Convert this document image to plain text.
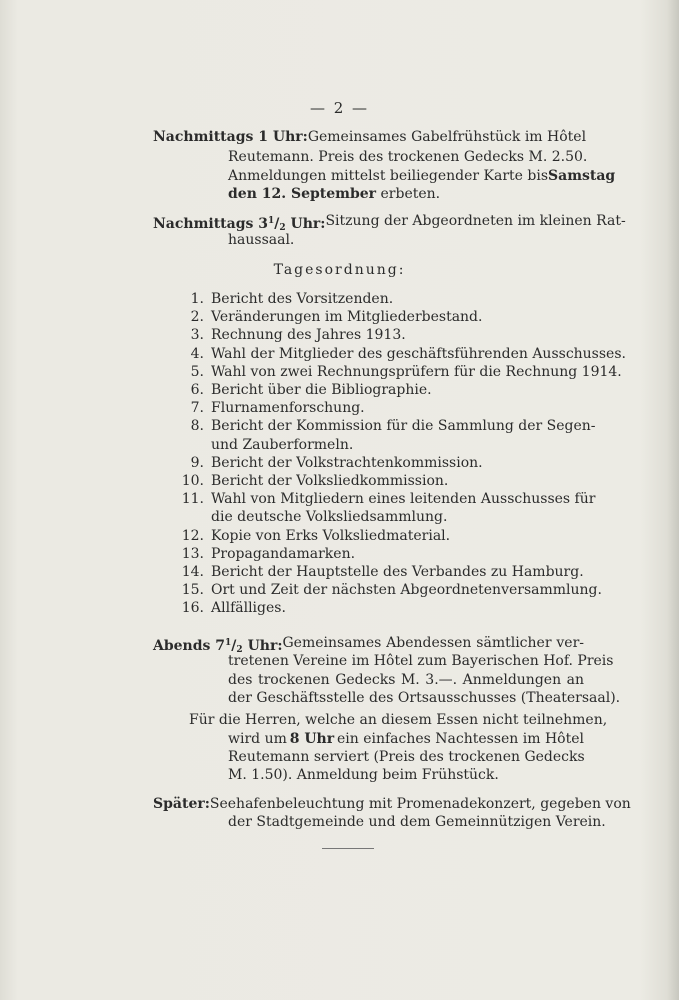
— 2 —
Nachmittags 1 Uhr: Gemeinsames Gabelfrühstück im Hôtel
Reutemann. Preis des trockenen Gedecks M. 2.50.
Anmeldungen mittelst beiliegender Karte bis Samstag
den 12. September erbeten.
Nachmittags $3^1/_2$ Uhr: Sitzung der Abgeordneten im kleinen Rat-
haussaal.
Tagesordnung:
1. Bericht des Vorsitzenden.
2. Veränderungen im Mitgliederbestand.
3. Rechnung des Jahres 1913.
4. Wahl der Mitglieder des geschäftsführenden Ausschusses.
5. Wahl von zwei Rechnungsprüfern für die Rechnung 1914.
6. Bericht über die Bibliographie.
7. Flurnamenforschung.
8. Bericht der Kommission für die Sammlung der Segen-
und Zauberformeln.
9. Bericht der Volkstrachtenkommission.
10. Bericht der Volksliedkommission.
11. Wahl von Mitgliedern eines leitenden Ausschusses für
die deutsche Volksliedsammlung.
12. Kopie von Erks Volksliedmaterial.
13. Propagandamarken.
14. Bericht der Hauptstelle des Verbandes zu Hamburg.
15. Ort und Zeit der nächsten Abgeordnetenversammlung.
16. Allfälliges.
Abends $7^1/_2$ Uhr: Gemeinsames Abendessen sämtlicher ver-
tretenen Vereine im Hôtel zum Bayerischen Hof. Preis
des trockenen Gedecks M. 3.—. Anmeldungen an
der Geschäftsstelle des Ortsausschusses (Theatersaal).
Für die Herren, welche an diesem Essen nicht teilnehmen,
wird um 8 Uhr ein einfaches Nachtessen im Hôtel
Reutemann serviert (Preis des trockenen Gedecks
M. 1.50). Anmeldung beim Frühstück.
Später: Seehafenbeleuchtung mit Promenadekonzert, gegeben von
der Stadtgemeinde und dem Gemeinnützigen Verein.
